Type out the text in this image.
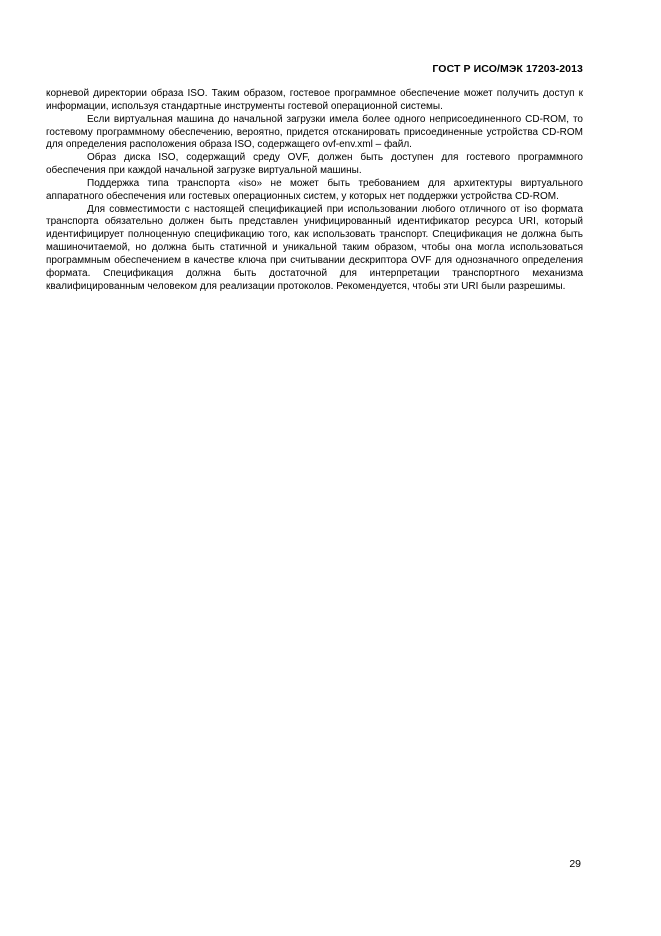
ГОСТ Р ИСО/МЭК 17203-2013

корневой директории образа ISO. Таким образом, гостевое программное обеспечение может получить доступ к информации, используя стандартные инструменты гостевой операционной системы.

Если виртуальная машина до начальной загрузки имела более одного неприсоединенного CD-ROM, то гостевому программному обеспечению, вероятно, придется отсканировать присоединенные устройства CD-ROM для определения расположения образа ISO, содержащего ovf-env.xml – файл.

Образ диска ISO, содержащий среду OVF, должен быть доступен для гостевого программного обеспечения при каждой начальной загрузке виртуальной машины.

Поддержка типа транспорта «iso» не может быть требованием для архитектуры виртуального аппаратного обеспечения или гостевых операционных систем, у которых нет поддержки устройства CD-ROM.

Для совместимости с настоящей спецификацией при использовании любого отличного от iso формата транспорта обязательно должен быть представлен унифицированный идентификатор ресурса URI, который идентифицирует полноценную спецификацию того, как использовать транспорт. Спецификация не должна быть машиночитаемой, но должна быть статичной и уникальной таким образом, чтобы она могла использоваться программным обеспечением в качестве ключа при считывании дескриптора OVF для однозначного определения формата. Спецификация должна быть достаточной для интерпретации транспортного механизма квалифицированным человеком для реализации протоколов. Рекомендуется, чтобы эти URI были разрешимы.

29
